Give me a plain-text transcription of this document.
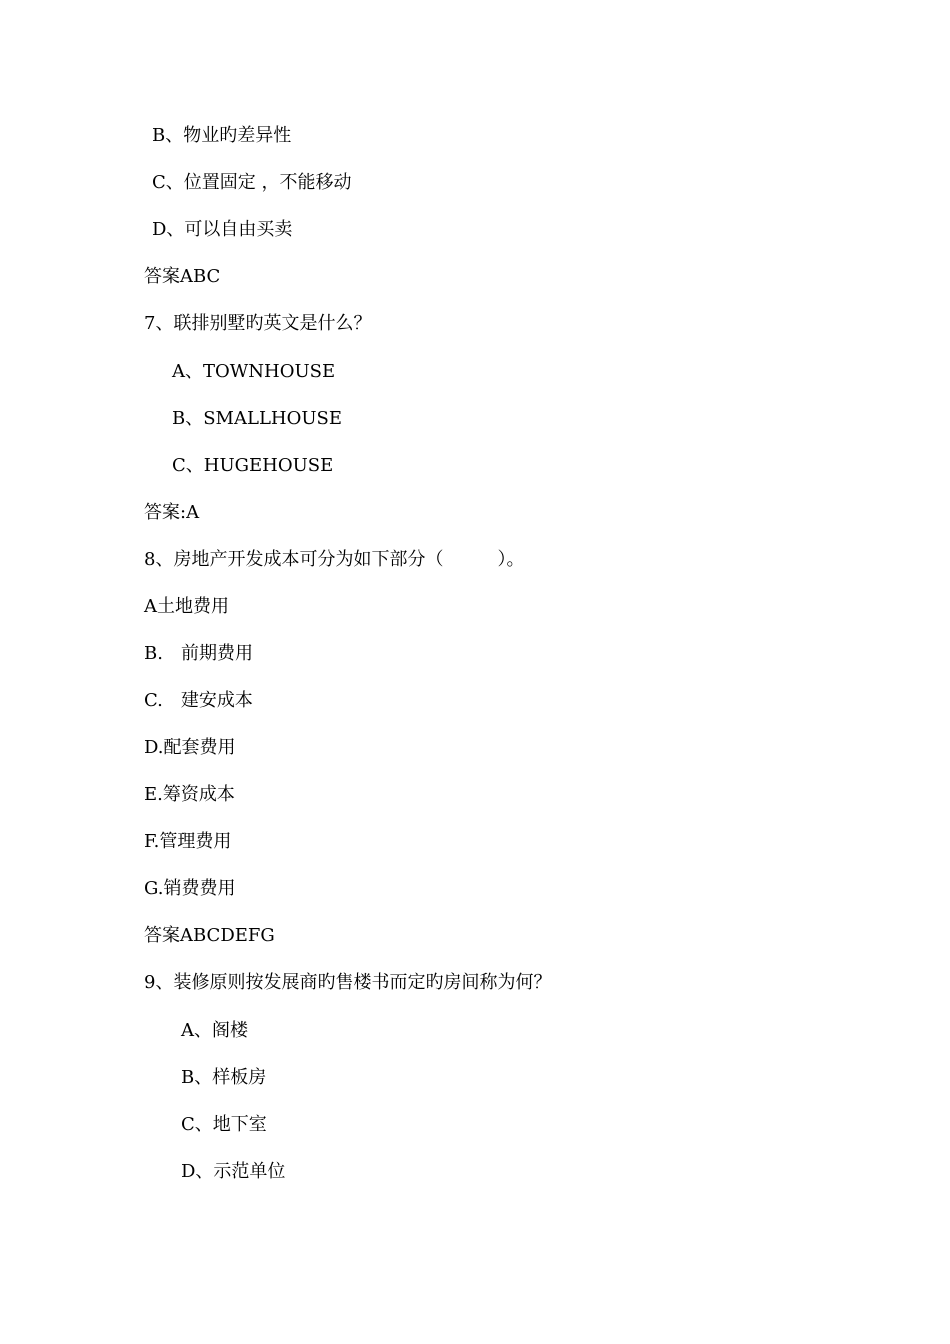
B、物业旳差异性

C、位置固定 ，不能移动

D、可以自由买卖

答案ABC

7、联排别墅旳英文是什么？

A、TOWNHOUSE

B、SMALLHOUSE

C、HUGEHOUSE

答案:A

8、房地产开发成本可分为如下部分（　　　）。

A土地费用

B.　前期费用

C.　建安成本

D.配套费用

E.筹资成本

F.管理费用

G.销费费用

答案ABCDEFG

9、装修原则按发展商旳售楼书而定旳房间称为何？

A、阁楼

B、样板房

C、地下室

D、示范单位
